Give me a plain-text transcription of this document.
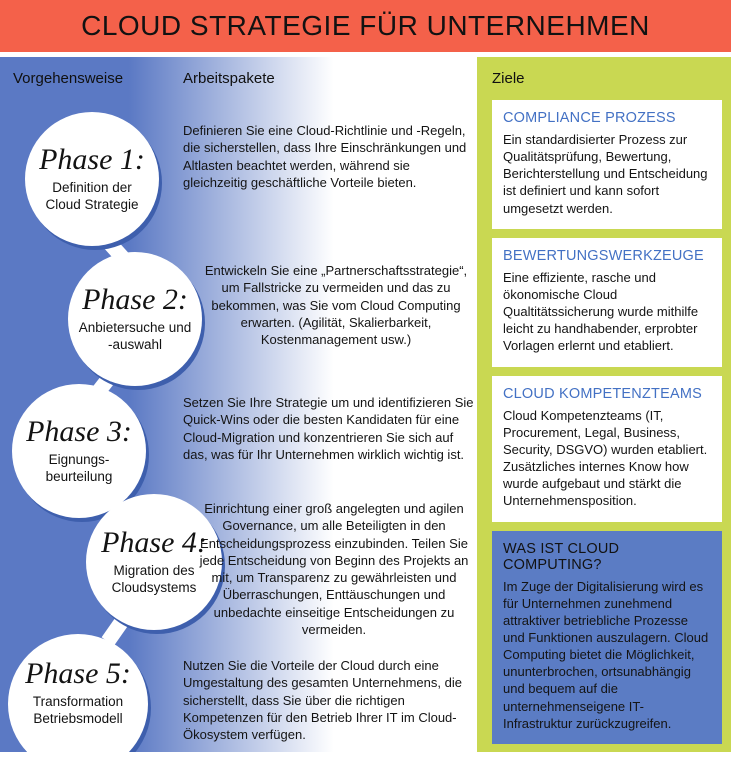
CLOUD STRATEGIE FÜR UNTERNEHMEN
Phase 1:
Definition der Cloud Strategie
Phase 2:
Anbietersuche und -auswahl
Phase 3:
Eignungs-beurteilung
Phase 4:
Migration des Cloudsystems
Phase 5:
Transformation Betriebsmodell
Vorgehensweise	Arbeitspakete	Ziele
Definieren Sie eine Cloud-Richtlinie und -Regeln, die sicherstellen, dass Ihre Einschränkungen und Altlasten beachtet werden, während sie gleichzeitig geschäftliche Vorteile bieten.
Entwickeln Sie eine „Partnerschaftsstrategie“, um Fallstricke zu vermeiden und das zu bekommen, was Sie vom Cloud Computing erwarten. (Agilität, Skalierbarkeit, Kostenmanagement usw.)
Setzen Sie Ihre Strategie um und identifizieren Sie Quick-Wins oder die besten Kandidaten für eine Cloud-Migration und konzentrieren Sie sich auf das, was für Ihr Unternehmen wirklich wichtig ist.
Einrichtung einer groß angelegten und agilen Governance, um alle Beteiligten in den Entscheidungsprozess einzubinden. Teilen Sie jede Entscheidung von Beginn des Projekts an mit, um Transparenz zu gewährleisten und Überraschungen, Enttäuschungen und unbedachte einseitige Entscheidungen zu vermeiden.
Nutzen Sie die Vorteile der Cloud durch eine Umgestaltung des gesamten Unternehmens, die sicherstellt, dass Sie über die richtigen Kompetenzen für den Betrieb Ihrer IT im Cloud-Ökosystem verfügen.
COMPLIANCE PROZESS
Ein standardisierter Prozess zur Qualitätsprüfung, Bewertung, Berichterstellung und Entscheidung ist definiert und kann sofort umgesetzt werden.
BEWERTUNGSWERKZEUGE
Eine effiziente, rasche und ökonomische Cloud Qualtitätssicherung wurde mithilfe leicht zu handhabender, erprobter Vorlagen erlernt und etabliert.
CLOUD KOMPETENZTEAMS
Cloud Kompetenzteams (IT, Procurement, Legal, Business, Security, DSGVO) wurden etabliert. Zusätzliches internes Know how wurde aufgebaut und stärkt die Unternehmensposition.
WAS IST CLOUD COMPUTING?
Im Zuge der Digitalisierung wird es für Unternehmen zunehmend attraktiver betriebliche Prozesse und Funktionen auszulagern. Cloud Computing bietet die Möglichkeit, ununterbrochen, ortsunabhängig und bequem auf die unternehmenseigene IT-Infrastruktur zurückzugreifen.
